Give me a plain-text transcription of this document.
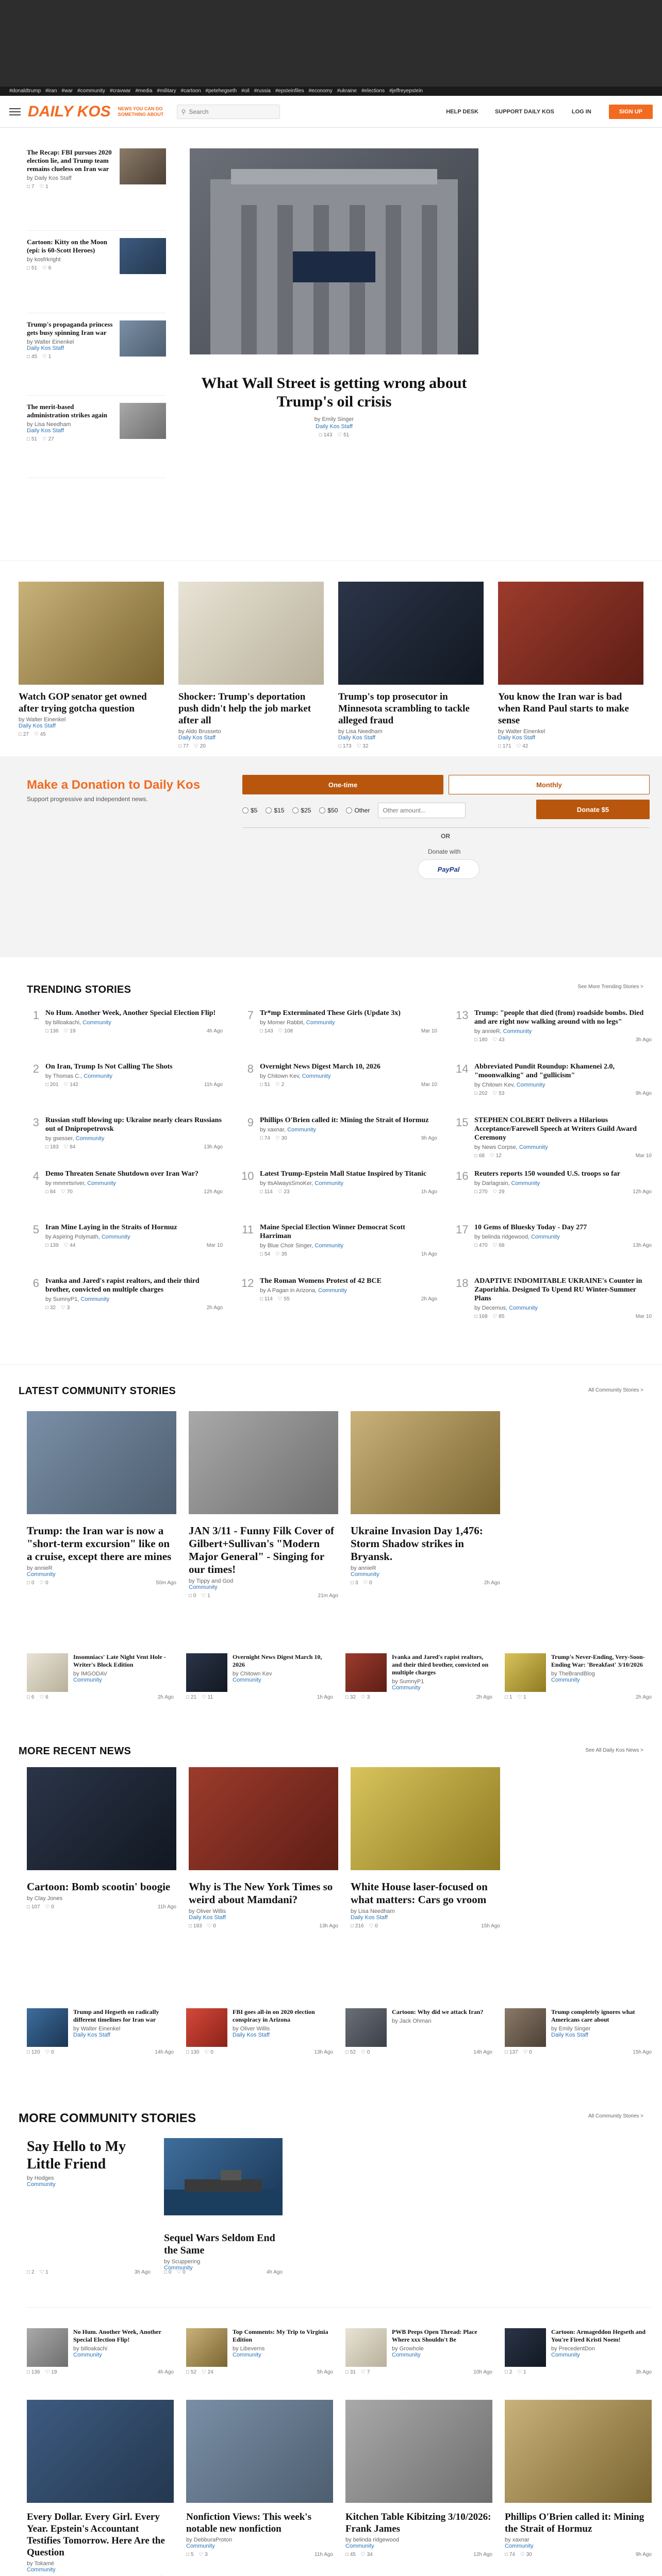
#donaldtrump #iran #war #community #cravwar #media #military #cartoon #petehegseth #oil #russia #epsteinfiles #economy #ukraine #elections #jeffreyepstein
DAILY KOS NEWS YOU CAN DO SOMETHING ABOUT	⚲
Search	HELP DESK	SUPPORT DAILY KOS	LOG IN	SIGN UP
The Recap: FBI pursues 2020 election lie, and Trump team remains clueless on Iran war
by Daily Kos Staff
□ 7 ♡ 1
Cartoon: Kitty on the Moon (epi: is 60-Scott Heroes)
by kosfrkright
□ 51 ♡ 6
Trump's propaganda princess gets busy spinning Iran war
by Walter Einenkel
Daily Kos Staff
□ 45 ♡ 1
The merit-based administration strikes again
by Lisa Needham
Daily Kos Staff
□ 51 ♡ 27
What Wall Street is getting wrong about Trump's oil crisis
by Emily Singer
Daily Kos Staff
□ 143 ♡ 51
Watch GOP senator get owned after trying gotcha question
by Walter Einenkel
Daily Kos Staff
□ 27 ♡ 45
Shocker: Trump's deportation push didn't help the job market after all
by Aldo Brusseto
Daily Kos Staff
□ 77 ♡ 20
Trump's top prosecutor in Minnesota scrambling to tackle alleged fraud
by Lisa Needham
Daily Kos Staff
□ 173 ♡ 32
You know the Iran war is bad when Rand Paul starts to make sense
by Walter Einenkel
Daily Kos Staff
□ 171 ♡ 42
Make a Donation to Daily Kos
Support progressive and independent news.
One-time	Monthly
$5	$15	$25	$50	Other
Other amount...	Donate $5
OR
Donate with
PayPal
TRENDING STORIES	See More Trending Stories >
1 No Hum. Another Week, Another Special Election Flip!
by billoakachi, Community
□ 136 ♡ 19	4h Ago
2 On Iran, Trump Is Not Calling The Shots
by Thomas C., Community
□ 201 ♡ 142	11h Ago
3 Russian stuff blowing up: Ukraine nearly clears Russians out of Dnipropetrovsk
by gsesser, Community
□ 183 ♡ 84	13h Ago
4 Demo Threaten Senate Shutdown over Iran War?
by mmmrtsriver, Community
□ 84 ♡ 70	12h Ago
5 Iran Mine Laying in the Straits of Hormuz
by Aspiring Polymath, Community
□ 139 ♡ 44	Mar 10
6 Ivanka and Jared's rapist realtors, and their third brother, convicted on multiple charges
by SumnyP1, Community
□ 32 ♡ 3	2h Ago
7 Tr*mp Exterminated These Girls (Update 3x)
by Momer Rabbit, Community
□ 143 ♡ 108	Mar 10
8 Overnight News Digest March 10, 2026
by Chitown Kev, Community
□ 51 ♡ 2	Mar 10
9 Phillips O'Brien called it: Mining the Strait of Hormuz
by xaxnar, Community
□ 74 ♡ 30	9h Ago
10 Latest Trump-Epstein Mall Statue Inspired by Titanic
by ItsAlwaysSmoKer, Community
□ 114 ♡ 23	1h Ago
11 Maine Special Election Winner Democrat Scott Harriman
by Blue Choir Singer, Community
□ 54 ♡ 35	1h Ago
12 The Roman Womens Protest of 42 BCE
by A Pagan in Arizona, Community
□ 114 ♡ 55	2h Ago
13 Trump: "people that died (from) roadside bombs. Died and are right now walking around with no legs"
by annieR, Community
□ 180 ♡ 43	3h Ago
14 Abbreviated Pundit Roundup: Khamenei 2.0, "moonwalking" and "gullicism"
by Chitown Kev, Community
□ 202 ♡ 53	9h Ago
15 STEPHEN COLBERT Delivers a Hilarious Acceptance/Farewell Speech at Writers Guild Award Ceremony
by News Corpse, Community
□ 68 ♡ 12	Mar 10
16 Reuters reports 150 wounded U.S. troops so far
by Darlagrain, Community
□ 270 ♡ 29	12h Ago
17 10 Gems of Bluesky Today - Day 277
by belinda ridgewood, Community
□ 470 ♡ 68	13h Ago
18 ADAPTIVE INDOMITABLE UKRAINE's Counter in Zaporizhia. Designed To Upend RU Winter-Summer Plans
by Decemus, Community
□ 168 ♡ 85	Mar 10
LATEST COMMUNITY STORIES	All Community Stories >
Trump: the Iran war is now a "short-term excursion" like on a cruise, except there are mines
by annieR
Community
□ 0 ♡ 0	50m Ago
JAN 3/11 - Funny Filk Cover of Gilbert+Sullivan's "Modern Major General" - Singing for our times!
by Tippy and God
Community
□ 0 ♡ 1	21m Ago
Ukraine Invasion Day 1,476: Storm Shadow strikes in Bryansk.
by annieR
Community
□ 3 ♡ 0	2h Ago
Insomniacs' Late Night Vent Hole - Writer's Block Edition
by IMGODAV
Community
□ 6 ♡ 6	2h Ago
Overnight News Digest March 10, 2026
by Chitown Kev
Community
□ 21 ♡ 11	1h Ago
Ivanka and Jared's rapist realtors, and their third brother, convicted on multiple charges
by SumnyP1
Community
□ 32 ♡ 3	2h Ago
Trump's Never-Ending, Very-Soon-Ending War: 'Breakfast' 3/10/2026
by TheBrandBlog
Community
□ 1 ♡ 1	2h Ago
MORE RECENT NEWS	See All Daily Kos News >
Cartoon: Bomb scootin' boogie
by Clay Jones
□ 107 ♡ 0	11h Ago
Why is The New York Times so weird about Mamdani?
by Oliver Willis
Daily Kos Staff
□ 193 ♡ 0	13h Ago
White House laser-focused on what matters: Cars go vroom
by Lisa Needham
Daily Kos Staff
□ 216 ♡ 0	15h Ago
Trump and Hegseth on radically different timelines for Iran war
by Walter Einenkel
Daily Kos Staff
□ 120 ♡ 0	14h Ago
FBI goes all-in on 2020 election conspiracy in Arizona
by Oliver Willis
Daily Kos Staff
□ 130 ♡ 0	13h Ago
Cartoon: Why did we attack Iran?
by Jack Ohman
□ 52 ♡ 0	14h Ago
Trump completely ignores what Americans care about
by Emily Singer
Daily Kos Staff
□ 137 ♡ 0	15h Ago
MORE COMMUNITY STORIES	All Community Stories >
Say Hello to My Little Friend
by Hodges
Community
□ 2 ♡ 1	3h Ago
Sequel Wars Seldom End the Same
by Scuppering
Community
□ 0 ♡ 0	4h Ago
No Hum. Another Week, Another Special Election Flip!
by billoakachi
Community
□ 136 ♡ 19	4h Ago
Top Comments: My Trip to Virginia Edition
by Libeverns
Community
□ 52 ♡ 24	5h Ago
PWB Peeps Open Thread: Place Where xxx Shouldn't Be
by Growhole
Community
□ 31 ♡ 7	10h Ago
Cartoon: Armageddon Hegseth and You're Fired Kristi Noem!
by PrecedentDon
Community
□ 2 ♡ 1	3h Ago
Every Dollar. Every Girl. Every Year. Epstein's Accountant Testifies Tomorrow. Here Are the Question
by Tokamé
Community
Nonfiction Views: This week's notable new nonfiction
by DebburaProton
Community
□ 5 ♡ 3	11h Ago
Kitchen Table Kibitzing 3/10/2026: Frank James
by belinda ridgewood
Community
□ 45 ♡ 34	12h Ago
Phillips O'Brien called it: Mining the Strait of Hormuz
by xaxnar
Community
□ 74 ♡ 30	9h Ago
